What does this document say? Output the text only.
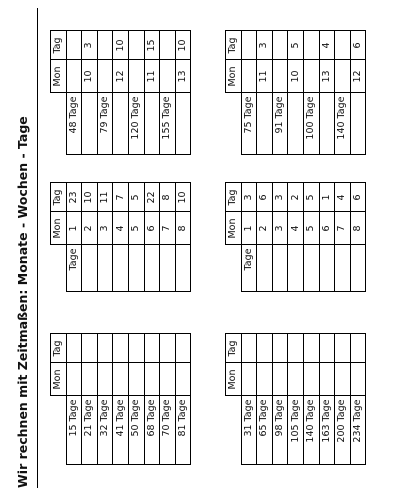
Wir rechnen mit Zeitmaßen: Monate - Wochen - Tage
	Mon	Tag
15 Tage		
21 Tage		
32 Tage		
41 Tage		
50 Tage		
68 Tage		
70 Tage		
81 Tage		
	Mon	Tag
Tage	1	23
	2	10
	3	11
	4	7
	5	5
	6	22
	7	8
	8	10
	Mon	Tag
48 Tage		
	10	3
79 Tage		
	12	10
120 Tage		
	11	15
155 Tage		
	13	10
	Mon	Tag
31 Tage		
65 Tage		
98 Tage		
105 Tage		
140 Tage		
163 Tage		
200 Tage		
234 Tage		
	Mon	Tag
Tage	1	3
	2	6
	3	3
	4	2
	5	5
	6	1
	7	4
	8	6
	Mon	Tag
75 Tage		
	11	3
91 Tage		
	10	5
100 Tage		
	13	4
140 Tage		
	12	6
